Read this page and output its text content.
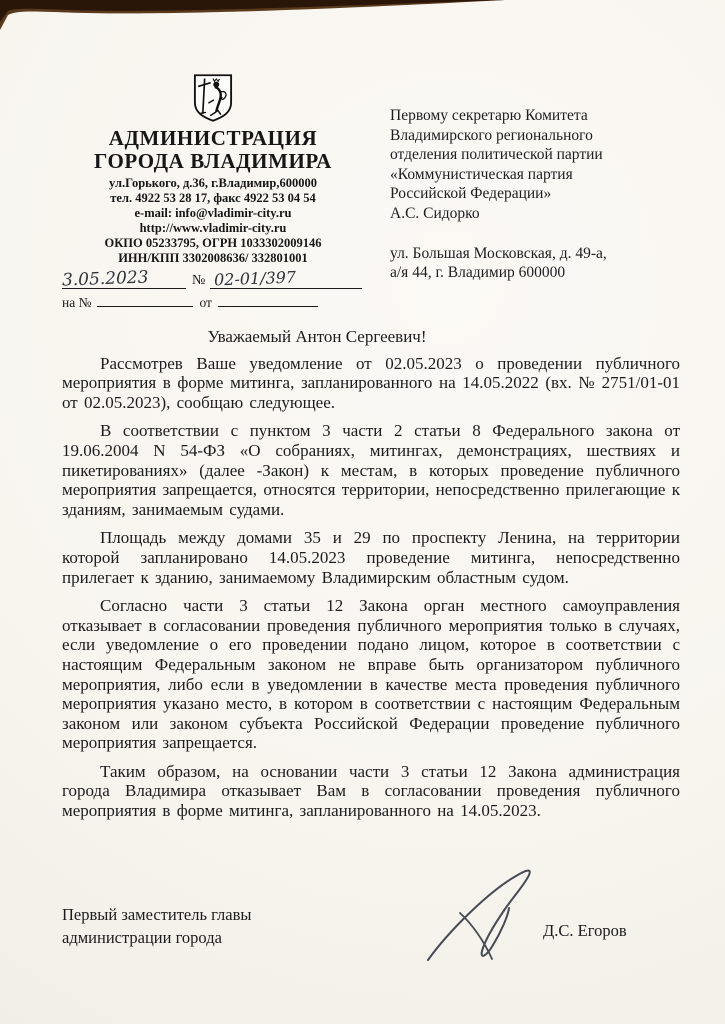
АДМИНИСТРАЦИЯ
ГОРОДА ВЛАДИМИРА
ул.Горького, д.36, г.Владимир,600000
тел. 4922 53 28 17, факс 4922 53 04 54
e-mail: info@vladimir-city.ru
http://www.vladimir-city.ru
ОКПО 05233795, ОГРН 1033302009146
ИНН/КПП 3302008636/ 332801001
3.05.2023	№ 02-01/397
на №	от
Первому секретарю Комитета
Владимирского регионального
отделения политической партии
«Коммунистическая партия
Российской Федерации»
А.С. Сидорко
ул. Большая Московская, д. 49-а,
а/я 44, г. Владимир 600000
Уважаемый Антон Сергеевич!

Рассмотрев Ваше уведомление от 02.05.2023 о проведении публичного мероприятия в форме митинга, запланированного на 14.05.2022 (вх. № 2751/01-01 от 02.05.2023), сообщаю следующее.

В соответствии с пунктом 3 части 2 статьи 8 Федерального закона от 19.06.2004 N 54-ФЗ «О собраниях, митингах, демонстрациях, шествиях и пикетированиях» (далее -Закон) к местам, в которых проведение публичного мероприятия запрещается, относятся территории, непосредственно прилегающие к зданиям, занимаемым судами.

Площадь между домами 35 и 29 по проспекту Ленина, на территории которой запланировано 14.05.2023 проведение митинга, непосредственно прилегает к зданию, занимаемому Владимирским областным судом.

Согласно части 3 статьи 12 Закона орган местного самоуправления отказывает в согласовании проведения публичного мероприятия только в случаях, если уведомление о его проведении подано лицом, которое в соответствии с настоящим Федеральным законом не вправе быть организатором публичного мероприятия, либо если в уведомлении в качестве места проведения публичного мероприятия указано место, в котором в соответствии с настоящим Федеральным законом или законом субъекта Российской Федерации проведение публичного мероприятия запрещается.

Таким образом, на основании части 3 статьи 12 Закона администрация города Владимира отказывает Вам в согласовании проведения публичного мероприятия в форме митинга, запланированного на 14.05.2023.

Первый заместитель главы
администрации города	Д.С. Егоров
